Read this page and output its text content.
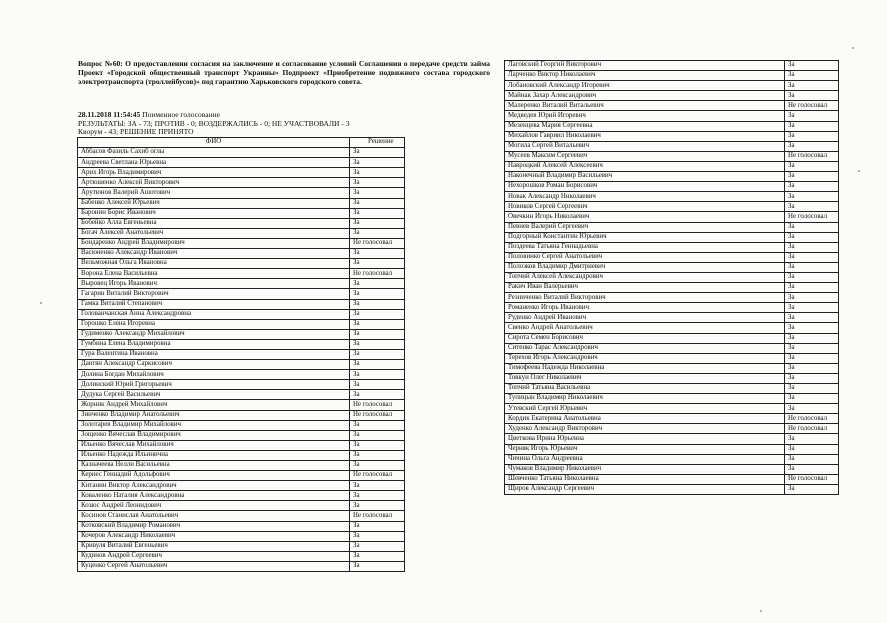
Вопрос №60: О предоставлении согласия на заключение и согласование условий Соглашения о передаче средств займа Проект «Городской общественный транспорт Украины» Подпроект «Приобретение подвижного состава городского электротранспорта (троллейбусов)» под гарантию Харьковского городского совета.
28.11.2018 11:54:45 Поименное голосование
РЕЗУЛЬТАТЫ: ЗА - 73; ПРОТИВ - 0; ВОЗДЕРЖАЛИСЬ - 0; НЕ УЧАСТВОВАЛИ - 3
Кворум - 43; РЕШЕНИЕ ПРИНЯТО
ФИО	Решение
Аббасов Фазиль Сахиб оглы	За
Андреева Светлана Юрьевна	За
Арих Игорь Владимирович	За
Артюшенко Алексей Викторович	За
Арутюнов Валерий Ашотович	За
Бабенко Алексей Юрьевич	За
Баронин Борис Иванович	За
Бобейко Алла Евгеньевна	За
Богач Алексей Анатольевич	За
Бондаренко Андрей Владимирович	Не голосовал
Васюненко Александр Иванович	За
Вельможная Ольга Ивановна	За
Ворона Елена Васильевна	Не голосовал
Выровец Игорь Иванович	За
Гагарин Виталий Викторович	За
Гамка Виталий Степанович	За
Голованчанская Анна Александровна	За
Горошко Елена Игоревна	За
Гудименко Александр Михайлович	За
Гумбина Елена Владимировна	За
Гура Валентина Ивановна	За
Дангян Александр Саркисович	За
Долина Богдан Михайлович	За
Долинский Юрий Григорьевич	За
Дудука Сергей Васильевич	За
Жорник Андрей Михайлович	Не голосовал
Зинченко Владимир Анатольевич	Не голосовал
Золотарев Владимир Михайлович	За
Зощенко Вячеслав Владимирович	За
Ильенко Вячеслав Михайлович	За
Ильенко Надежда Ильинична	За
Казначеева Нелли Васильевна	За
Кернес Геннадий Адольфович	Не голосовал
Китанин Виктор Александрович	За
Коваленко Наталия Александровна	За
Козюс Андрей Леонидович	За
Косинов Станислав Анатольевич	Не голосовал
Котковский Владимир Романович	За
Кочеров Александр Николаевич	За
Кривуля Виталий Евгеньевич	За
Кудинов Андрей Сергеевич	За
Куценко Сергей Анатольевич	За
Лаговский Георгий Викторович	За
Ларченко Виктор Николаевич	За
Лобановский Александр Игоревич	За
Майнак Захар Александрович	За
Малеренко Виталий Витальевич	Не голосовал
Медведев Юрий Игоревич	За
Мезенцева Мария Сергеевна	За
Михайлов Гавриил Николаевич	За
Могила Сергей Витальевич	За
Мусеев Максим Сергеевич	Не голосовал
Навроцкий Алексей Алексеевич	За
Наконечный Владимир Васильевич	За
Нехорошков Роман Борисович	За
Новак Александр Николаевич	За
Новиков Сергей Сергеевич	За
Овечкин Игорь Николаевич	Не голосовал
Певнев Валерий Сергеевич	За
Подгорный Константин Юрьевич	За
Поздеева Татьяна Геннадьевна	За
Половинко Сергей Анатольевич	За
Полозков Владимир Дмитриевич	За
Топчий Алексей Александрович	За
Ракич Иван Валерьевич	За
Резниченко Виталий Викторович	За
Романенко Игорь Иванович	За
Руденко Андрей Иванович	За
Свенко Андрей Анатольевич	За
Сирота Семен Борисович	За
Ситенко Тарас Александрович	За
Терехов Игорь Александрович	За
Тимофеева Надежда Николаевна	За
Товкун Олег Николаевич	За
Топчий Татьяна Васильевна	За
Тупицын Владимир Николаевич	За
Утевский Сергей Юрьевич	За
Кордик Екатерина Анатольевна	Не голосовал
Худенко Александр Викторович	Не голосовал
Цветкова Ирина Юрьевна	За
Черняк Игорь Юрьевич	За
Чичина Ольга Андреевна	За
Чумаков Владимир Николаевич	За
Шевченко Татьяна Николаевна	Не голосовал
Щиров Александр Сергеевич	За
